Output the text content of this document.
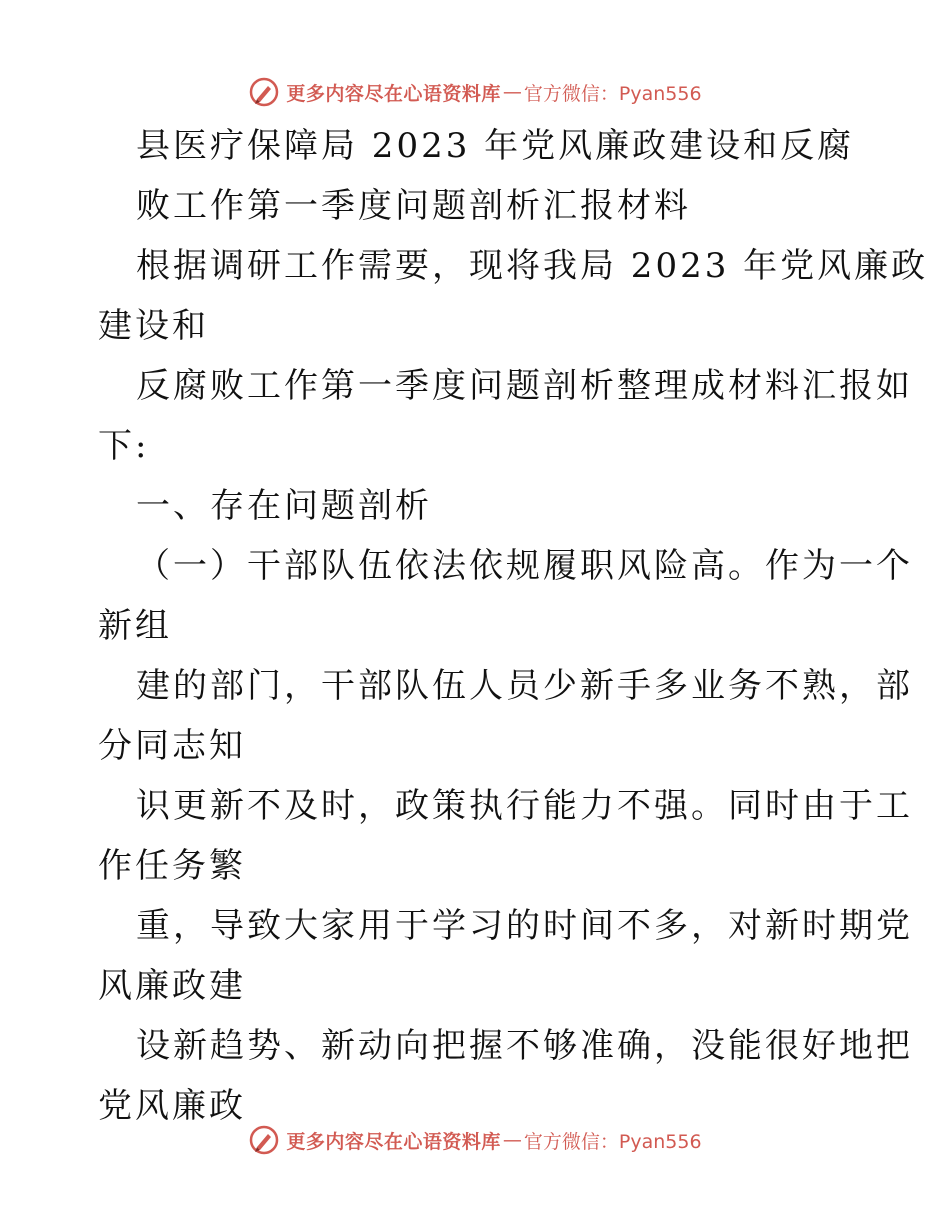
更多内容尽在心语资料库 — 官方微信：Pyan556
县医疗保障局 2023 年党风廉政建设和反腐
败工作第一季度问题剖析汇报材料
根据调研工作需要，现将我局 2023 年党风廉政
建设和
反腐败工作第一季度问题剖析整理成材料汇报如
下:
一、存在问题剖析
（一）干部队伍依法依规履职风险高。作为一个
新组
建的部门，干部队伍人员少新手多业务不熟，部
分同志知
识更新不及时，政策执行能力不强。同时由于工
作任务繁
重，导致大家用于学习的时间不多，对新时期党
风廉政建
设新趋势、新动向把握不够准确，没能很好地把
党风廉政
更多内容尽在心语资料库 — 官方微信：Pyan556
